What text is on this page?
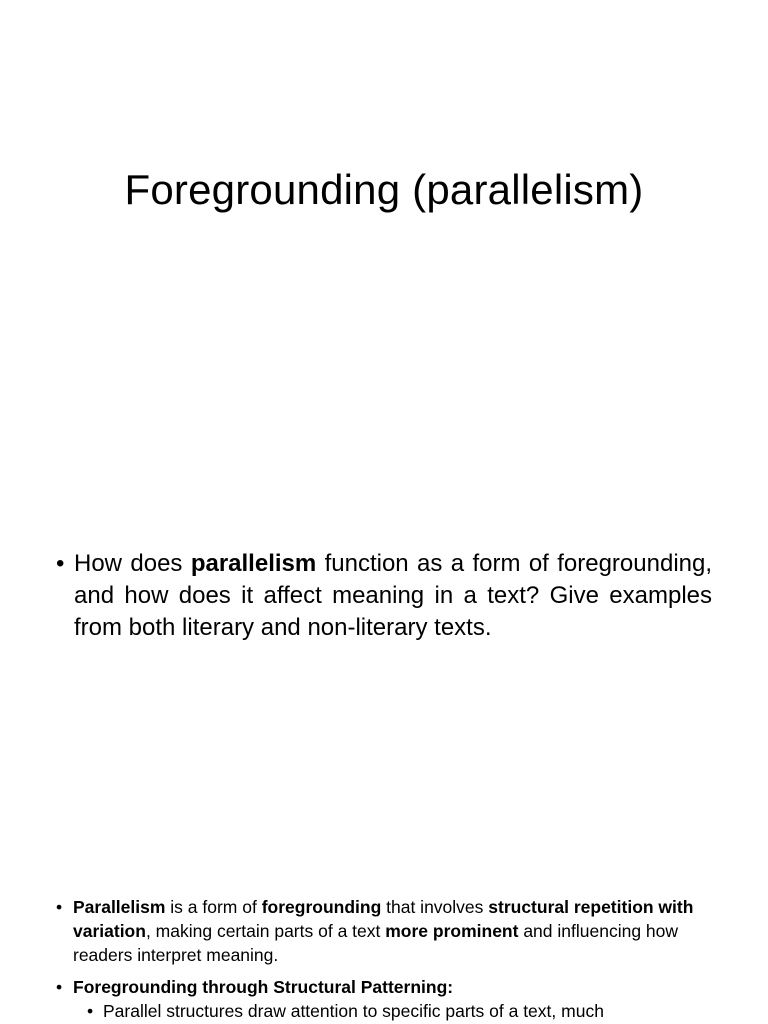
Foregrounding (parallelism)
• How does parallelism function as a form of foregrounding, and how does it affect meaning in a text? Give examples from both literary and non-literary texts.

• Parallelism is a form of foregrounding that involves structural repetition with variation, making certain parts of a text more prominent and influencing how readers interpret meaning.

• Foregrounding through Structural Patterning:

• Parallel structures draw attention to specific parts of a text, much
